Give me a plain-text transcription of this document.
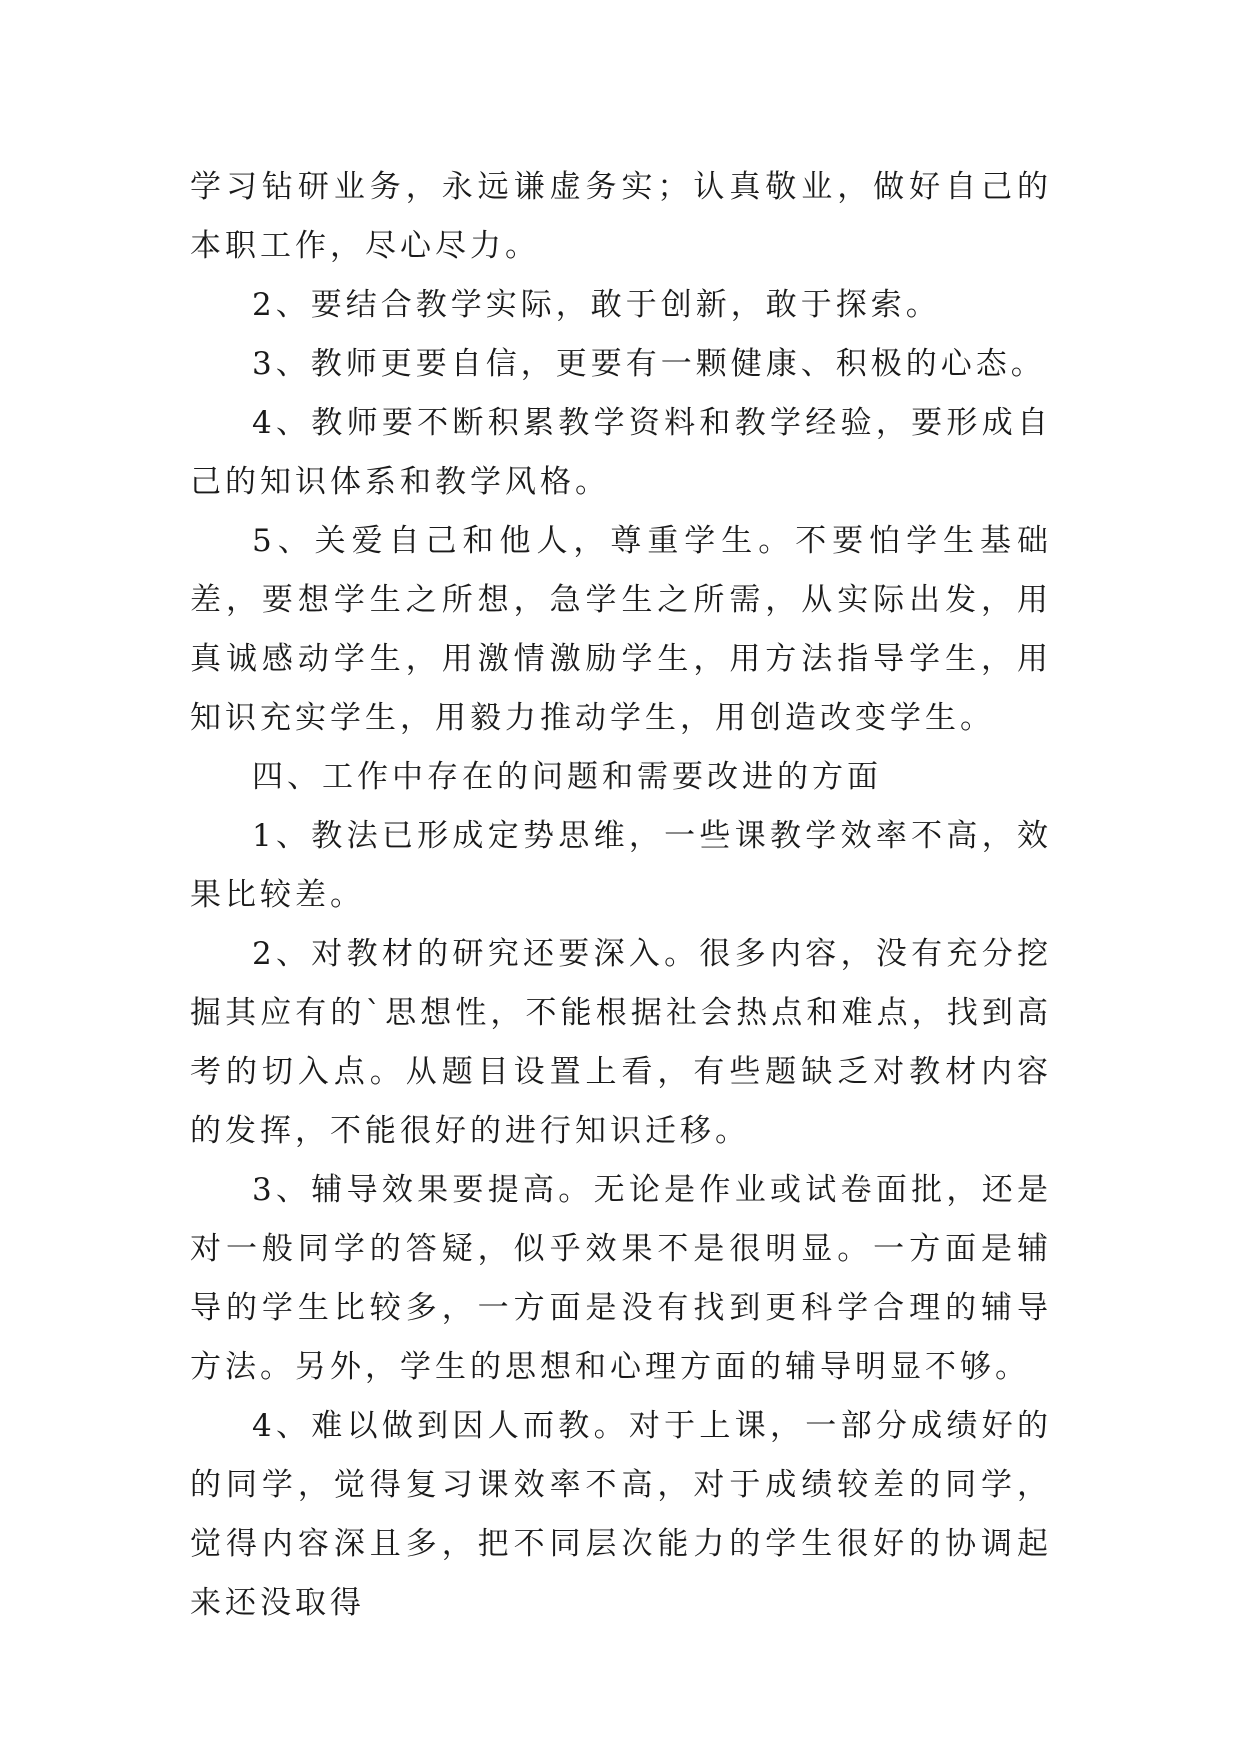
学习钻研业务，永远谦虚务实；认真敬业，做好自己的本职工作，尽心尽力。

2、要结合教学实际，敢于创新，敢于探索。

3、教师更要自信，更要有一颗健康、积极的心态。

4、教师要不断积累教学资料和教学经验，要形成自己的知识体系和教学风格。

5、关爱自己和他人，尊重学生。不要怕学生基础差，要想学生之所想，急学生之所需，从实际出发，用真诚感动学生，用激情激励学生，用方法指导学生，用知识充实学生，用毅力推动学生，用创造改变学生。

四、工作中存在的问题和需要改进的方面

1、教法已形成定势思维，一些课教学效率不高，效果比较差。

2、对教材的研究还要深入。很多内容，没有充分挖掘其应有的`思想性，不能根据社会热点和难点，找到高考的切入点。从题目设置上看，有些题缺乏对教材内容的发挥，不能很好的进行知识迁移。

3、辅导效果要提高。无论是作业或试卷面批，还是对一般同学的答疑，似乎效果不是很明显。一方面是辅导的学生比较多，一方面是没有找到更科学合理的辅导方法。另外，学生的思想和心理方面的辅导明显不够。

4、难以做到因人而教。对于上课，一部分成绩好的的同学，觉得复习课效率不高，对于成绩较差的同学，觉得内容深且多，把不同层次能力的学生很好的协调起来还没取得
